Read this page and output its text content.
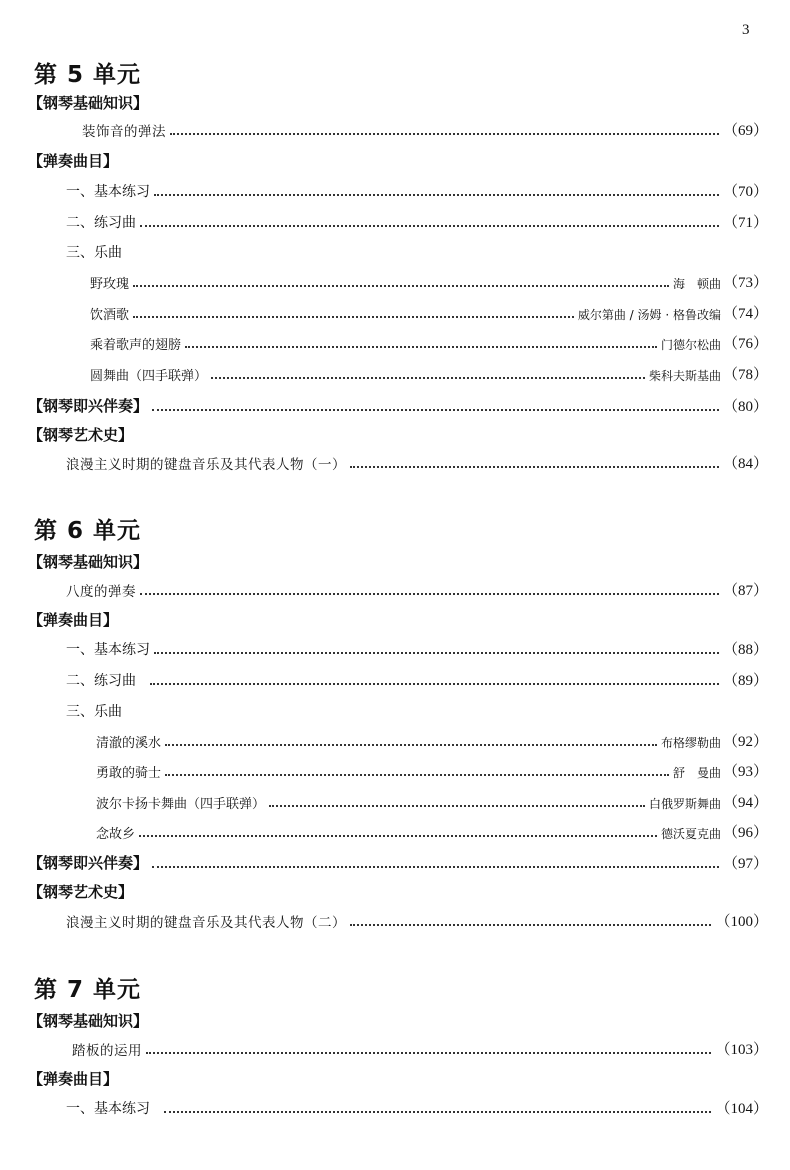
3
第 5 单元
【钢琴基础知识】
装饰音的弹法	（69）
【弹奏曲目】
一、基本练习	（70）
二、练习曲	（71）
三、乐曲
野玫瑰	海　顿曲 （73）
饮酒歌	威尔第曲 / 汤姆 · 格鲁改编 （74）
乘着歌声的翅膀	门德尔松曲 （76）
圆舞曲（四手联弹）	柴科夫斯基曲 （78）
【钢琴即兴伴奏】	（80）
【钢琴艺术史】
浪漫主义时期的键盘音乐及其代表人物（一）	（84）
第 6 单元
【钢琴基础知识】
八度的弹奏	（87）
【弹奏曲目】
一、基本练习	（88）
二、练习曲	（89）
三、乐曲
清澈的溪水	布格缪勒曲 （92）
勇敢的骑士	舒　曼曲 （93）
波尔卡扬卡舞曲（四手联弹）	白俄罗斯舞曲 （94）
念故乡	德沃夏克曲 （96）
【钢琴即兴伴奏】	（97）
【钢琴艺术史】
浪漫主义时期的键盘音乐及其代表人物（二）	（100）
第 7 单元
【钢琴基础知识】
踏板的运用	（103）
【弹奏曲目】
一、基本练习	（104）
